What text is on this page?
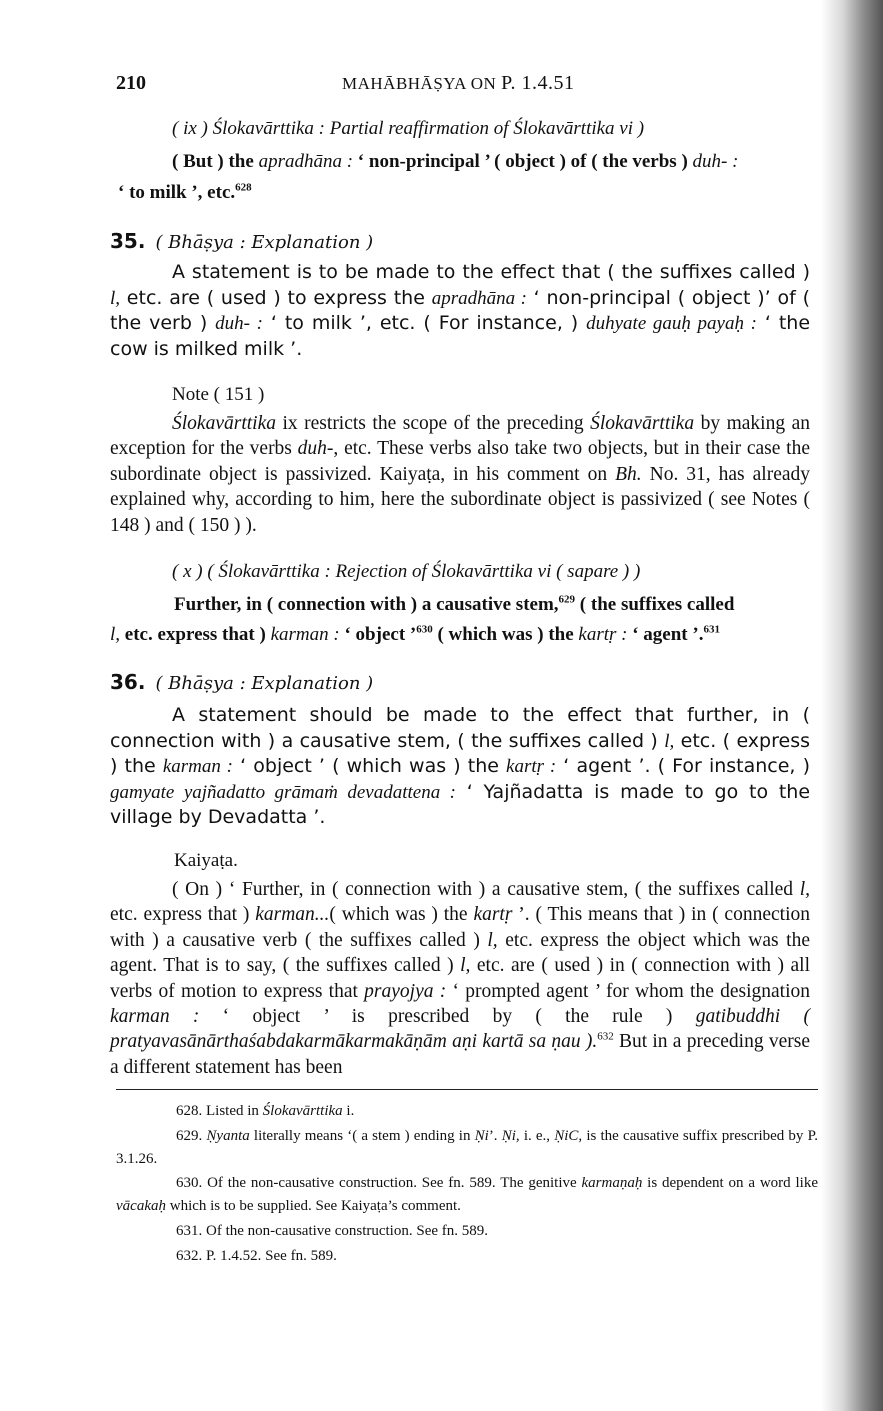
210	MAHĀBHĀṢYA ON P. 1.4.51
( ix ) Ślokavārttika : Partial reaffirmation of Ślokavārttika vi )
( But ) the apradhāna : ‘ non-principal ’ ( object ) of ( the verbs ) duh- :
‘ to milk ’, etc.$^{628}$
35. ( Bhāṣya : Explanation )
A statement is to be made to the effect that ( the suffixes called ) l, etc. are ( used ) to express the apradhāna : ‘ non-principal ( object )’ of ( the verb ) duh- : ‘ to milk ’, etc. ( For instance, ) duhyate gauḥ payaḥ : ‘ the cow is milked milk ’.
Note ( 151 )
Ślokavārttika ix restricts the scope of the preceding Ślokavārttika by making an exception for the verbs duh-, etc. These verbs also take two objects, but in their case the subordinate object is passivized. Kaiyaṭa, in his comment on Bh. No. 31, has already explained why, according to him, here the subordinate object is passivized ( see Notes ( 148 ) and ( 150 ) ).
( x ) ( Ślokavārttika : Rejection of Ślokavārttika vi ( sapare ) )
Further, in ( connection with ) a causative stem,$^{629}$ ( the suffixes called
l, etc. express that ) karman : ‘ object ’$^{630}$ ( which was ) the kartṛ : ‘ agent ’.$^{631}$
36. ( Bhāṣya : Explanation )
A statement should be made to the effect that further, in ( connection with ) a causative stem, ( the suffixes called ) l, etc. ( express ) the karman : ‘ object ’ ( which was ) the kartṛ : ‘ agent ’. ( For instance, ) gamyate yajñadatto grāmaṁ devadattena : ‘ Yajñadatta is made to go to the village by Devadatta ’.
Kaiyaṭa.
( On ) ‘ Further, in ( connection with ) a causative stem, ( the suffixes called l, etc. express that ) karman...( which was ) the kartṛ ’. ( This means that ) in ( connection with ) a causative verb ( the suffixes called ) l, etc. express the object which was the agent. That is to say, ( the suffixes called ) l, etc. are ( used ) in ( connection with ) all verbs of motion to express that prayojya : ‘ prompted agent ’ for whom the designation karman : ‘ object ’ is prescribed by ( the rule ) gatibuddhi ( pratyavasānārthaśabdakarmākarmakāṇām aṇi kartā sa ṇau ).$^{632}$ But in a preceding verse a different statement has been
628. Listed in Ślokavārttika i.
629. Ṇyanta literally means ‘( a stem ) ending in Ṇi’. Ṇi, i. e., ṆiC, is the causative suffix prescribed by P. 3.1.26.
630. Of the non-causative construction. See fn. 589. The genitive karmaṇaḥ is dependent on a word like vācakaḥ which is to be supplied. See Kaiyaṭa’s comment.
631. Of the non-causative construction. See fn. 589.
632. P. 1.4.52. See fn. 589.
